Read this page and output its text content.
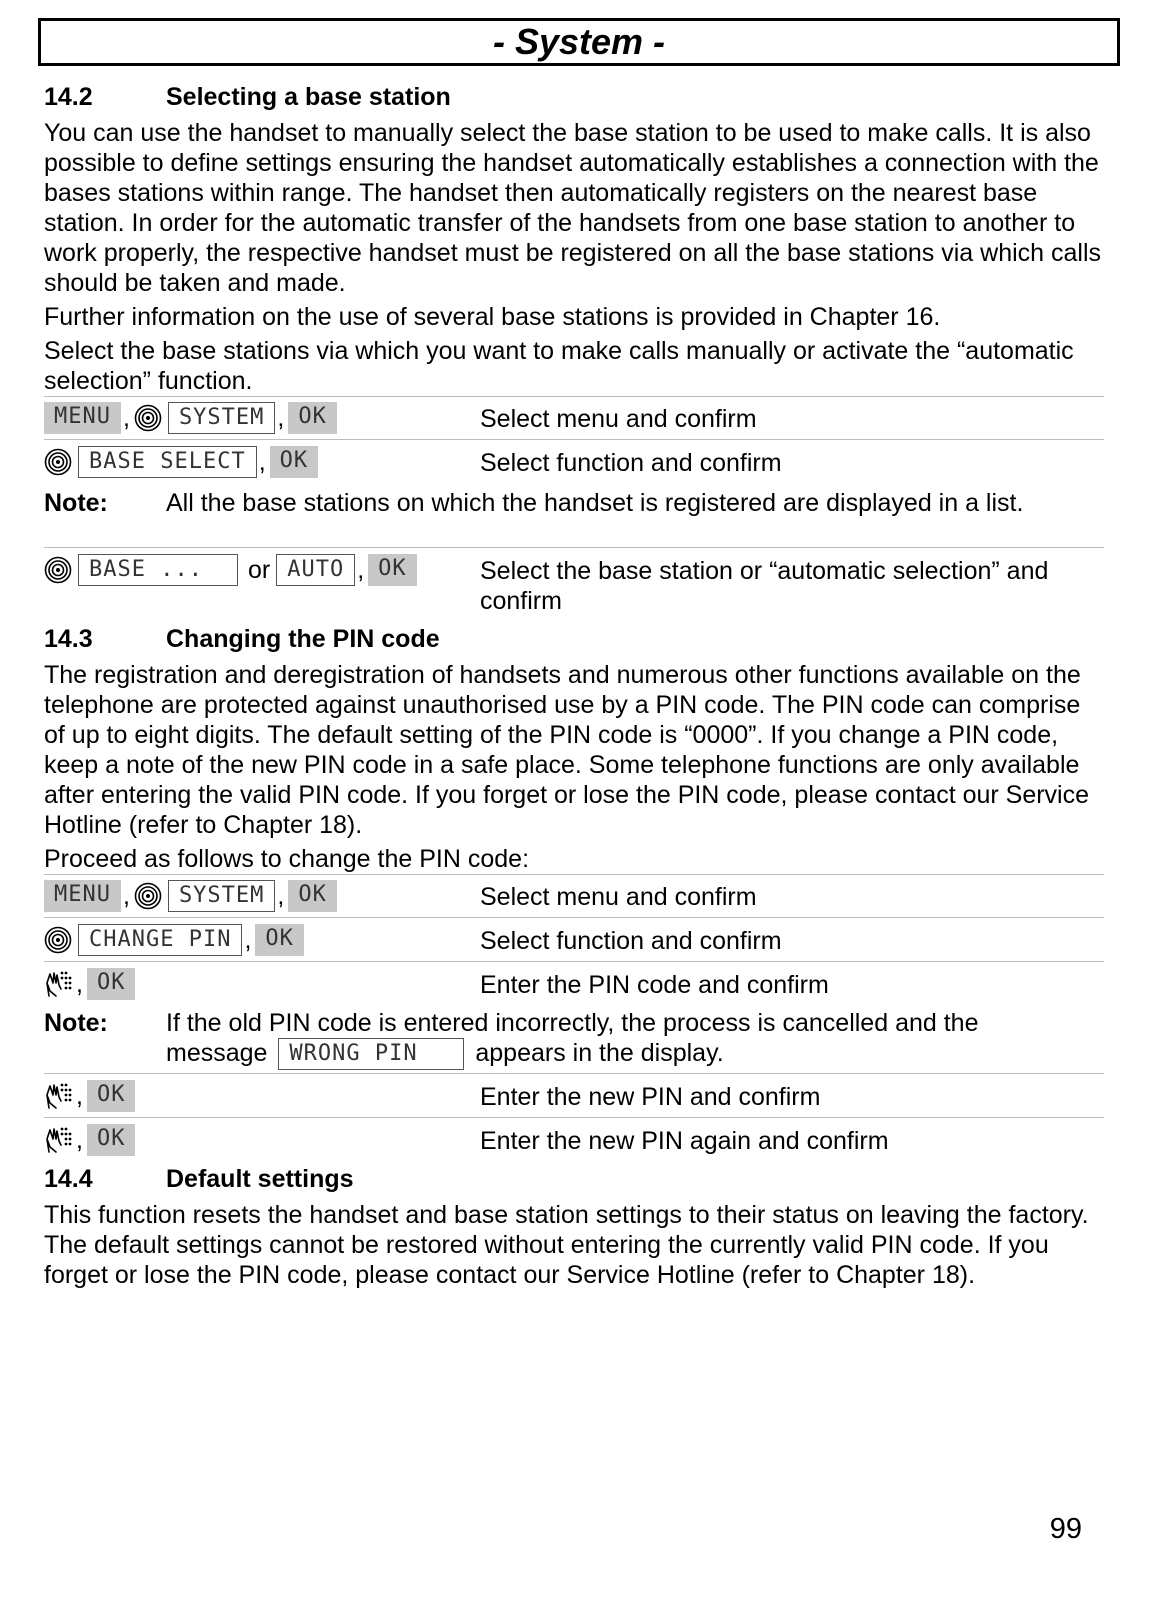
- System -
14.2	Selecting a base station
You can use the handset to manually select the base station to be used to make calls. It is also possible to define settings ensuring the handset automatically establishes a connection with the bases stations within range. The handset then automatically registers on the nearest base station. In order for the automatic transfer of the handsets from one base station to another to work properly, the respective handset must be registered on all the base stations via which calls should be taken and made.
Further information on the use of several base stations is provided in Chapter 16.
Select the base stations via which you want to make calls manually or activate the “automatic selection” function.
MENU ,	SYSTEM , OK	Select menu and confirm
BASE SELECT , OK	Select function and confirm
Note: All the base stations on which the handset is registered are displayed in a list.
BASE ...	or AUTO , OK	Select the base station or “automatic selection” and confirm
14.3	Changing the PIN code
The registration and deregistration of handsets and numerous other functions available on the telephone are protected against unauthorised use by a PIN code. The PIN code can comprise of up to eight digits. The default setting of the PIN code is “0000”. If you change a PIN code, keep a note of the new PIN code in a safe place. Some telephone functions are only available after entering the valid PIN code. If you forget or lose the PIN code, please contact our Service Hotline (refer to Chapter 18).
Proceed as follows to change the PIN code:
MENU ,	SYSTEM , OK	Select menu and confirm
CHANGE PIN , OK	Select function and confirm
, OK	Enter the PIN code and confirm
Note: If the old PIN code is entered incorrectly, the process is cancelled and the message WRONG PIN appears in the display.
, OK	Enter the new PIN and confirm
, OK	Enter the new PIN again and confirm
14.4	Default settings
This function resets the handset and base station settings to their status on leaving the factory. The default settings cannot be restored without entering the currently valid PIN code. If you forget or lose the PIN code, please contact our Service Hotline (refer to Chapter 18).
99
